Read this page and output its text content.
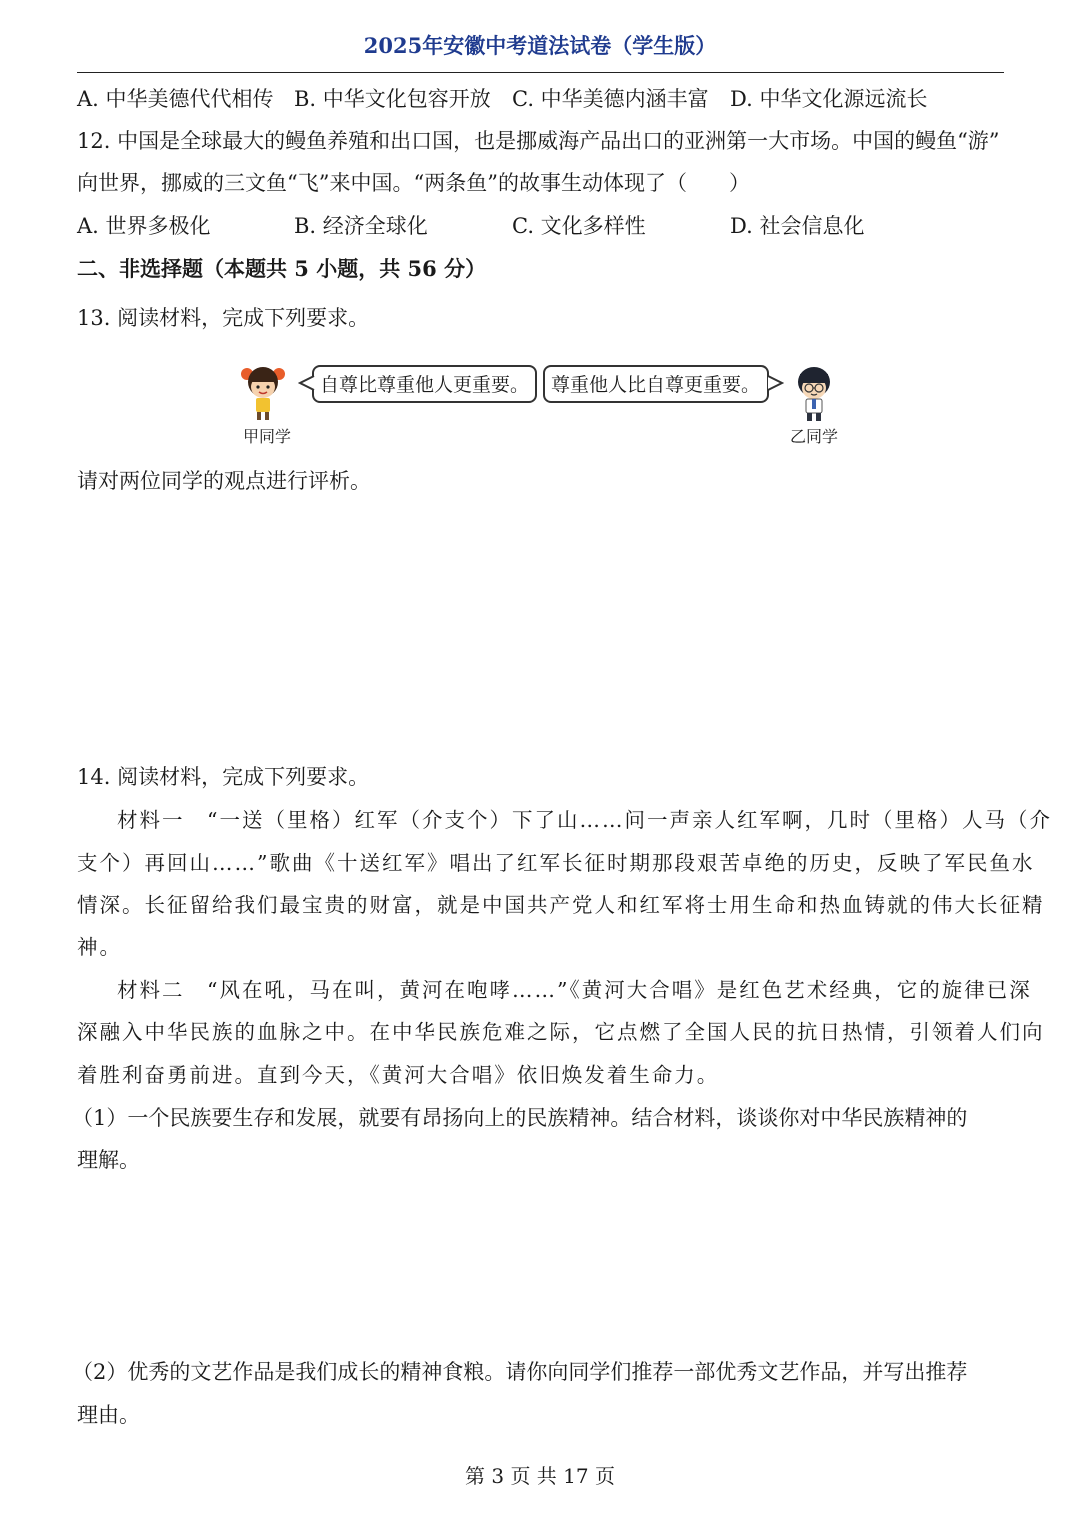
2025年安徽中考道法试卷（学生版）
A. 中华美德代代相传 B. 中华文化包容开放 C. 中华美德内涵丰富 D. 中华文化源远流长
12. 中国是全球最大的鳗鱼养殖和出口国，也是挪威海产品出口的亚洲第一大市场。中国的鳗鱼“游”
向世界，挪威的三文鱼“飞”来中国。“两条鱼”的故事生动体现了（　　）
A. 世界多极化	B. 经济全球化	C. 文化多样性	D. 社会信息化
二、非选择题（本题共 5 小题，共 56 分）
13. 阅读材料，完成下列要求。
自尊比尊重他人更重要。	尊重他人比自尊更重要。
甲同学	乙同学
请对两位同学的观点进行评析。
14. 阅读材料，完成下列要求。
材料一　“一送（里格）红军（介支个）下了山……问一声亲人红军啊，几时（里格）人马（介
支个）再回山……”歌曲《十送红军》唱出了红军长征时期那段艰苦卓绝的历史，反映了军民鱼水
情深。长征留给我们最宝贵的财富，就是中国共产党人和红军将士用生命和热血铸就的伟大长征精
神。
材料二　“风在吼，马在叫，黄河在咆哮……”《黄河大合唱》是红色艺术经典，它的旋律已深
深融入中华民族的血脉之中。在中华民族危难之际，它点燃了全国人民的抗日热情，引领着人们向
着胜利奋勇前进。直到今天，《黄河大合唱》依旧焕发着生命力。
（1）一个民族要生存和发展，就要有昂扬向上的民族精神。结合材料，谈谈你对中华民族精神的
理解。
（2）优秀的文艺作品是我们成长的精神食粮。请你向同学们推荐一部优秀文艺作品，并写出推荐
理由。
第 3 页 共 17 页
